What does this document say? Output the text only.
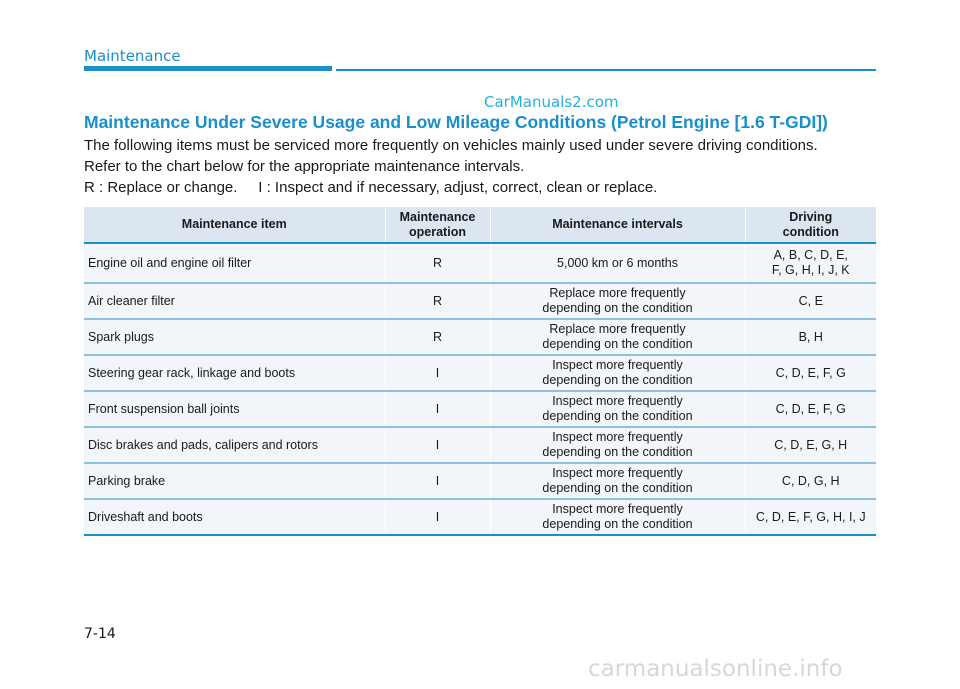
Maintenance
CarManuals2.com
Maintenance Under Severe Usage and Low Mileage Conditions (Petrol Engine [1.6 T-GDI])
The following items must be serviced more frequently on vehicles mainly used under severe driving conditions.
Refer to the chart below for the appropriate maintenance intervals.
R : Replace or change.     I : Inspect and if necessary, adjust, correct, clean or replace.
Maintenance item	Maintenance
operation	Maintenance intervals	Driving
condition
Engine oil and engine oil filter	R	5,000 km or 6 months	A, B, C, D, E,
F, G, H, I, J, K
Air cleaner filter	R	Replace more frequently
depending on the condition	C, E
Spark plugs	R	Replace more frequently
depending on the condition	B, H
Steering gear rack, linkage and boots	I	Inspect more frequently
depending on the condition	C, D, E, F, G
Front suspension ball joints	I	Inspect more frequently
depending on the condition	C, D, E, F, G
Disc brakes and pads, calipers and rotors	I	Inspect more frequently
depending on the condition	C, D, E, G, H
Parking brake	I	Inspect more frequently
depending on the condition	C, D, G, H
Driveshaft and boots	I	Inspect more frequently
depending on the condition	C, D, E, F, G, H, I, J
7-14
carmanualsonline.info
